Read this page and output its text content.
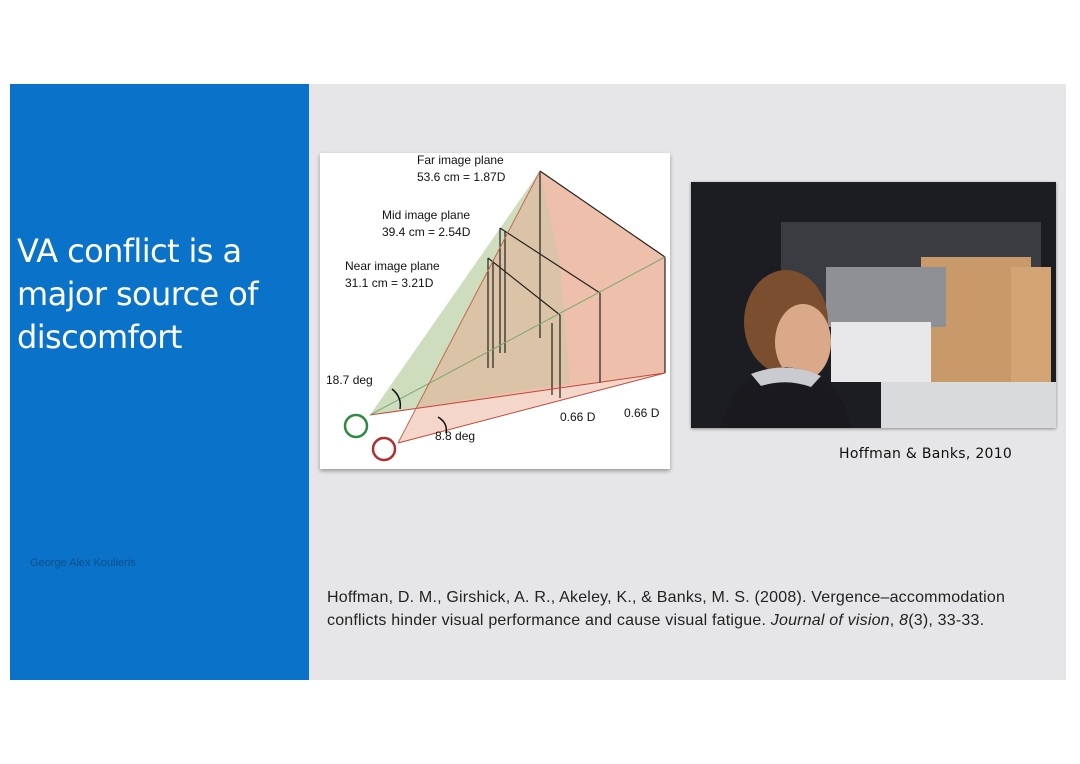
VA conflict is a major source of discomfort
George Alex Koulieris
Far image plane
53.6 cm = 1.87D
Mid image plane
39.4 cm = 2.54D
Near image plane
31.1 cm = 3.21D
18.7 deg
8.8 deg
0.66 D 0.66 D
Hoffman & Banks, 2010
Hoffman, D. M., Girshick, A. R., Akeley, K., & Banks, M. S. (2008). Vergence–accommodation conflicts hinder visual performance and cause visual fatigue. Journal of vision, 8(3), 33-33.
